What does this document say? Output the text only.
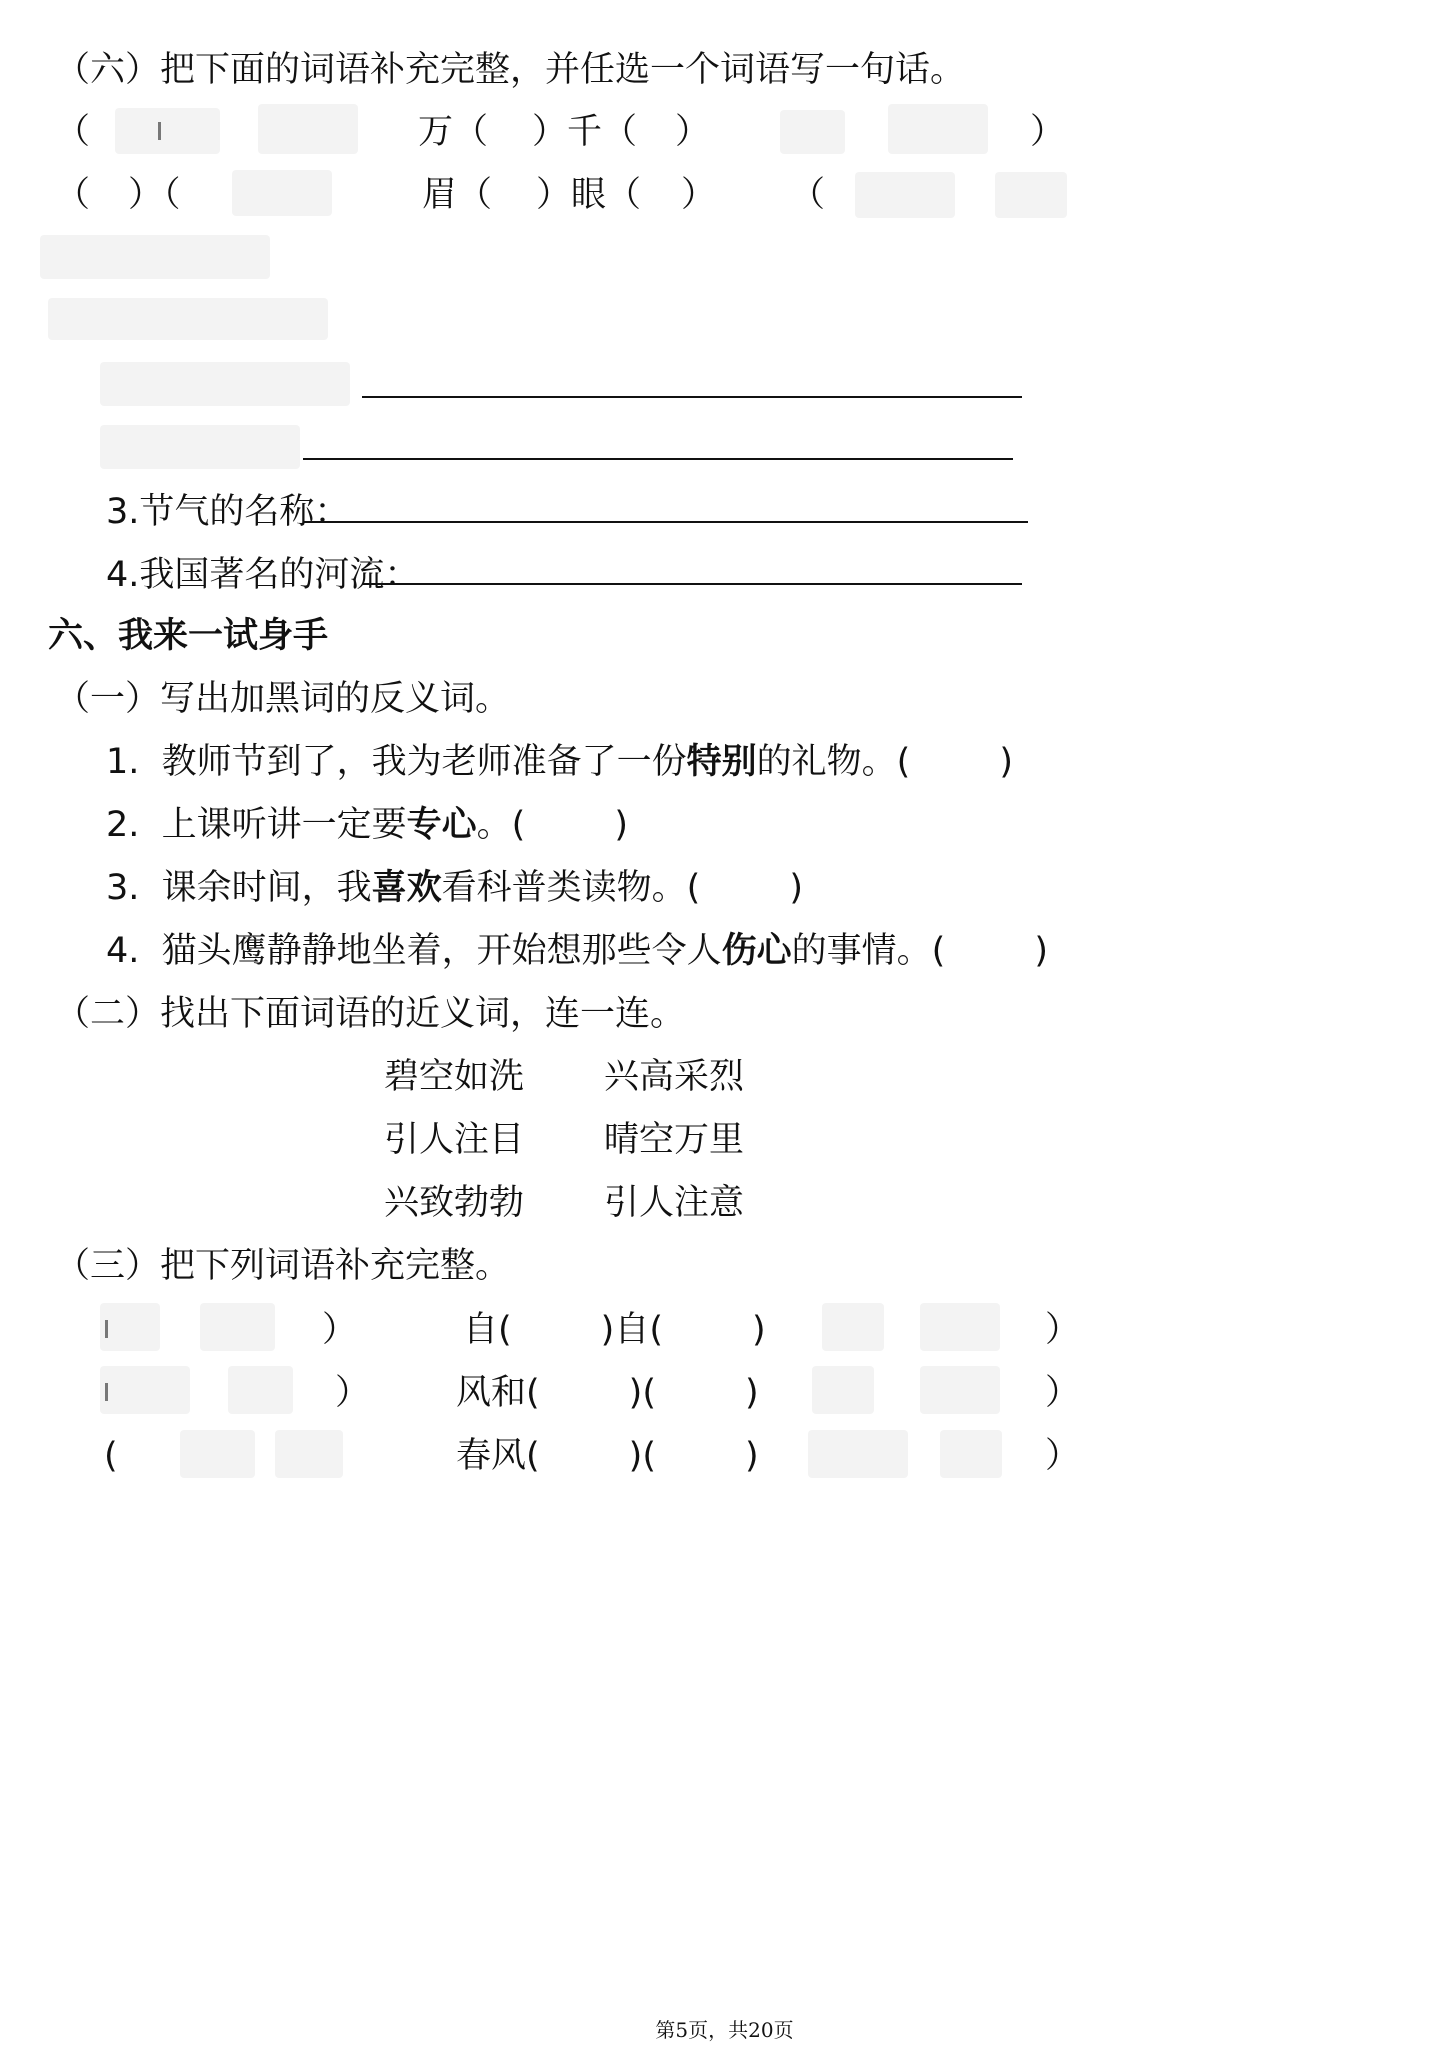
（六）把下面的词语补充完整，并任选一个词语写一句话。
（	万（ ）千（ ）	）
（ ）（	眉（ ）眼（ ） （
3.节气的名称：
4.我国著名的河流：
六、我来一试身手
（一）写出加黑词的反义词。
1.  教师节到了，我为老师准备了一份特别的礼物。(        )
2.  上课听讲一定要专心。(        )
3.  课余时间，我喜欢看科普类读物。(        )
4.  猫头鹰静静地坐着，开始想那些令人伤心的事情。(        )
（二）找出下面词语的近义词，连一连。
碧空如洗 兴高采烈
引人注目 晴空万里
兴致勃勃 引人注意
（三）把下列词语补充完整。
）	自(        )自(        )	）
） 风和(        )(        )	）
(	春风(        )(        )	）
第5页，共20页
